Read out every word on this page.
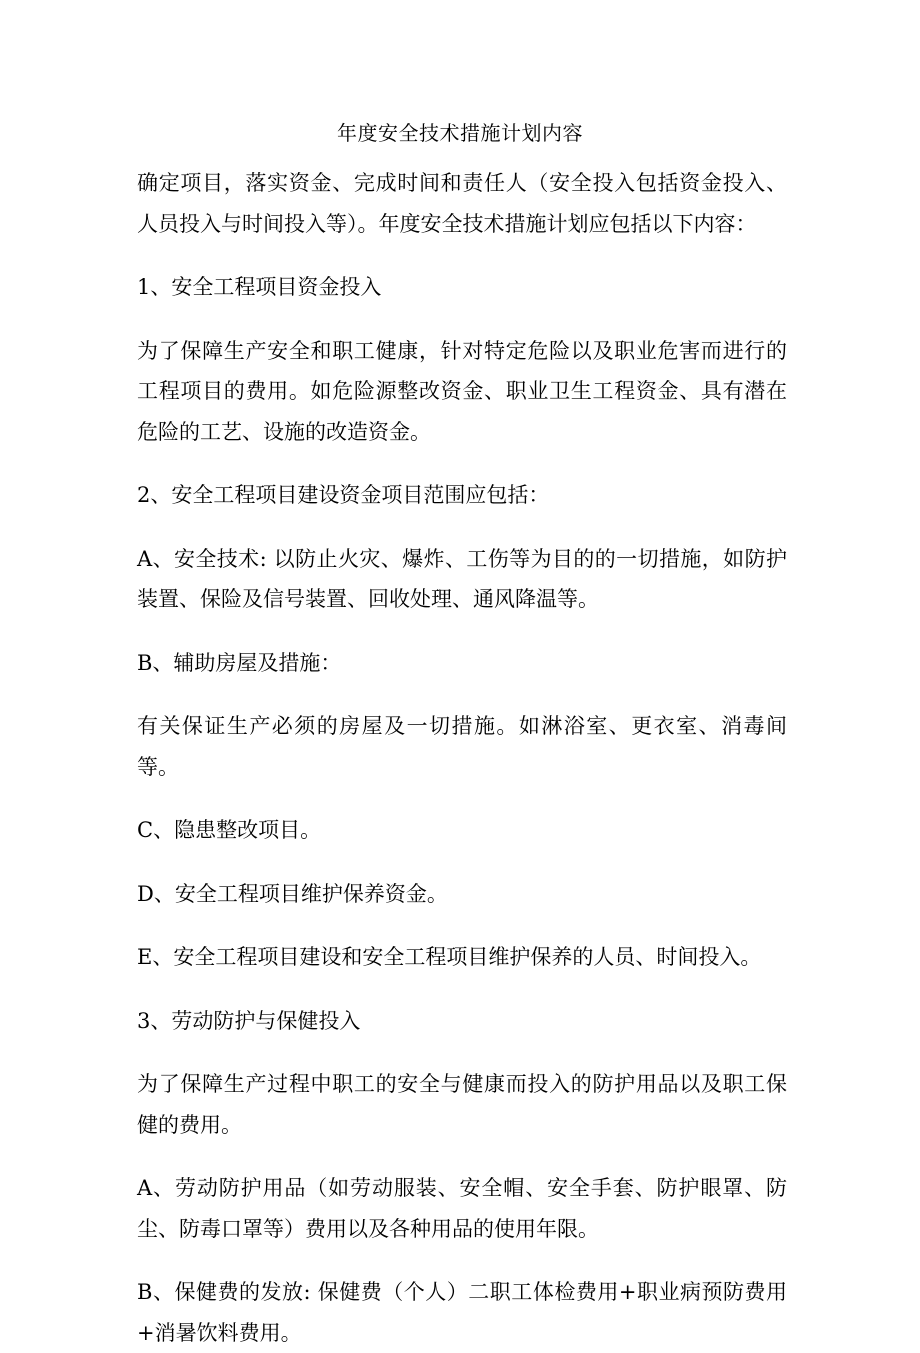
年度安全技术措施计划内容

确定项目，落实资金、完成时间和责任人（安全投入包括资金投入、人员投入与时间投入等）。年度安全技术措施计划应包括以下内容：

1、安全工程项目资金投入

为了保障生产安全和职工健康，针对特定危险以及职业危害而进行的工程项目的费用。如危险源整改资金、职业卫生工程资金、具有潜在危险的工艺、设施的改造资金。

2、安全工程项目建设资金项目范围应包括：

A、安全技术: 以防止火灾、爆炸、工伤等为目的的一切措施，如防护装置、保险及信号装置、回收处理、通风降温等。

B、辅助房屋及措施：

有关保证生产必须的房屋及一切措施。如淋浴室、更衣室、消毒间等。

C、隐患整改项目。

D、安全工程项目维护保养资金。

E、安全工程项目建设和安全工程项目维护保养的人员、时间投入。

3、劳动防护与保健投入

为了保障生产过程中职工的安全与健康而投入的防护用品以及职工保健的费用。

A、劳动防护用品（如劳动服装、安全帽、安全手套、防护眼罩、防尘、防毒口罩等）费用以及各种用品的使用年限。

B、保健费的发放: 保健费（个人）二职工体检费用+职业病预防费用+消暑饮料费用。
